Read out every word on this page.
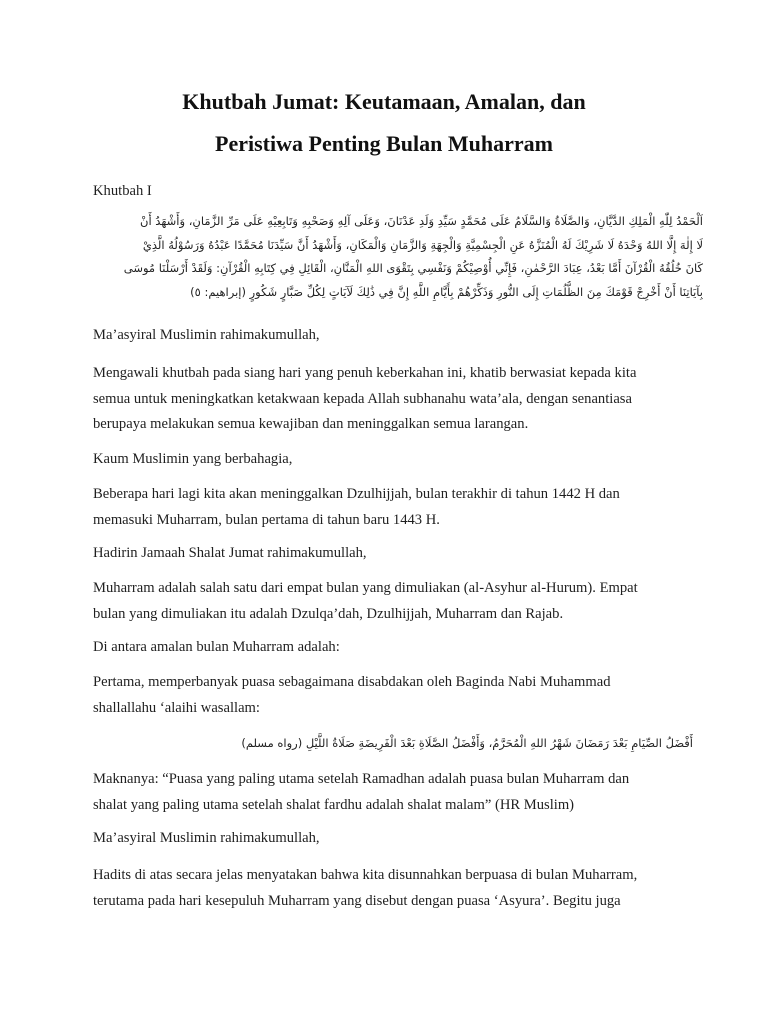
Khutbah Jumat: Keutamaan, Amalan, dan
Peristiwa Penting Bulan Muharram
Khutbah I
اَلْحَمْدُ لِلّٰهِ الْمَلِكِ الدَّيَّانِ، وَالصَّلَاةُ وَالسَّلَامُ عَلَى مُحَمَّدٍ سَيِّدِ وَلَدِ عَدْنَانَ، وَعَلَى آلِهِ وَصَحْبِهِ وَتَابِعِيْهِ عَلَى مَرِّ الزَّمَانِ، وَأَشْهَدُ أَنْ
لَا إِلٰهَ إِلَّا اللهُ وَحْدَهُ لَا شَرِيْكَ لَهُ الْمُنَزَّهُ عَنِ الْجِسْمِيَّةِ وَالْجِهَةِ وَالزَّمَانِ وَالْمَكَانِ، وَأَشْهَدُ أَنَّ سَيِّدَنَا مُحَمَّدًا عَبْدُهُ وَرَسُوْلُهُ الَّذِيْ
كَانَ خُلُقُهُ الْقُرْآنَ أَمَّا بَعْدُ، عِبَادَ الرَّحْمٰنِ، فَإِنِّي أُوْصِيْكُمْ وَنَفْسِي بِتَقْوَى اللهِ الْمَنَّانِ، الْقَائِلِ فِي كِتَابِهِ الْقُرْآنِ: وَلَقَدْ أَرْسَلْنَا مُوسَى
بِآيَاتِنَا أَنْ أَخْرِجْ قَوْمَكَ مِنَ الظُّلُمَاتِ إِلَى النُّورِ وَذَكِّرْهُمْ بِأَيَّامِ اللَّهِ إِنَّ فِي ذَٰلِكَ لَآيَاتٍ لِكُلِّ صَبَّارٍ شَكُورٍ (إبراهيم: ٥)
Ma’asyiral Muslimin rahimakumullah,
Mengawali khutbah pada siang hari yang penuh keberkahan ini, khatib berwasiat kepada kita
semua untuk meningkatkan ketakwaan kepada Allah subhanahu wata’ala, dengan senantiasa
berupaya melakukan semua kewajiban dan meninggalkan semua larangan.
Kaum Muslimin yang berbahagia,
Beberapa hari lagi kita akan meninggalkan Dzulhijjah, bulan terakhir di tahun 1442 H dan
memasuki Muharram, bulan pertama di tahun baru 1443 H.
Hadirin Jamaah Shalat Jumat rahimakumullah,
Muharram adalah salah satu dari empat bulan yang dimuliakan (al-Asyhur al-Hurum). Empat
bulan yang dimuliakan itu adalah Dzulqa’dah, Dzulhijjah, Muharram dan Rajab.
Di antara amalan bulan Muharram adalah:
Pertama, memperbanyak puasa sebagaimana disabdakan oleh Baginda Nabi Muhammad
shallallahu ‘alaihi wasallam:
أَفْضَلُ الصِّيَامِ بَعْدَ رَمَضَانَ شَهْرُ اللهِ الْمُحَرَّمُ، وَأَفْضَلُ الصَّلَاةِ بَعْدَ الْفَرِيضَةِ صَلَاةُ اللَّيْلِ (رواه مسلم)
Maknanya: “Puasa yang paling utama setelah Ramadhan adalah puasa bulan Muharram dan
shalat yang paling utama setelah shalat fardhu adalah shalat malam” (HR Muslim)
Ma’asyiral Muslimin rahimakumullah,
Hadits di atas secara jelas menyatakan bahwa kita disunnahkan berpuasa di bulan Muharram,
terutama pada hari kesepuluh Muharram yang disebut dengan puasa ‘Asyura’. Begitu juga
